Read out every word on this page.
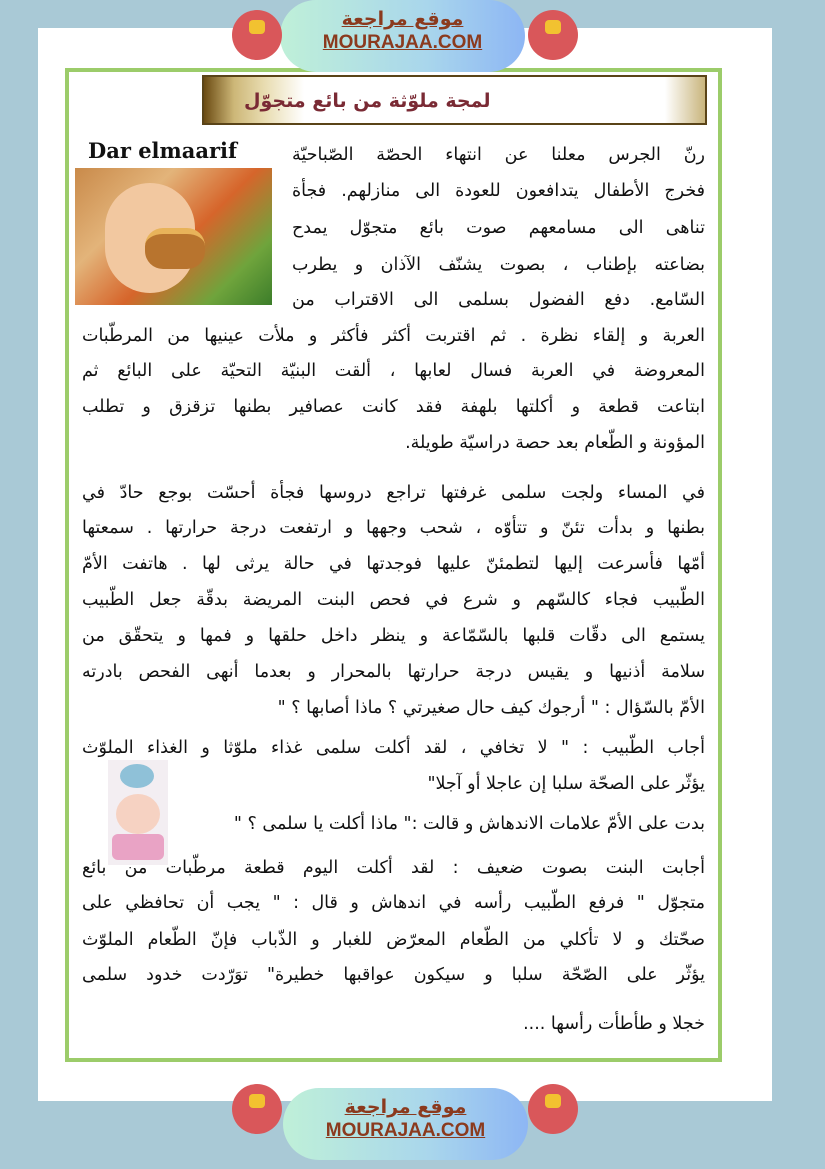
موقع مراجعة
MOURAJAA.COM
لمجة ملوّثة من بائع متجوّل
Dar elmaarif	رنّ الجرس معلنا عن انتهاء الحصّة الصّباحيّة
فخرج الأطفال يتدافعون للعودة الى منازلهم. فجأة
تناهى الى مسامعهم صوت بائع متجوّل يمدح
بضاعته بإطناب ، بصوت يشنّف الآذان و يطرب
السّامع. دفع الفضول بسلمى الى الاقتراب من
العربة و إلقاء نظرة . ثم اقتربت أكثر فأكثر و ملأت عينيها من المرطّبات
المعروضة في العربة فسال لعابها ، ألقت البنيّة التحيّة على البائع ثم
ابتاعت قطعة و أكلتها بلهفة فقد كانت عصافير بطنها تزقزق و تطلب
المؤونة و الطّعام بعد حصة دراسيّة طويلة.
في المساء ولجت سلمى غرفتها تراجع دروسها فجأة أحسّت بوجع حادّ في
بطنها و بدأت تئنّ و تتأوّه ، شحب وجهها و ارتفعت درجة حرارتها . سمعتها
أمّها فأسرعت إليها لتطمئنّ عليها فوجدتها في حالة يرثى لها . هاتفت الأمّ
الطّبيب فجاء كالسّهم و شرع في فحص البنت المريضة بدقّة جعل الطّبيب
يستمع الى دقّات قلبها بالسّمّاعة و ينظر داخل حلقها و فمها و يتحقّق من
سلامة أذنيها و يقيس درجة حرارتها بالمحرار و بعدما أنهى الفحص بادرته
الأمّ بالسّؤال : " أرجوك كيف حال صغيرتي ؟ ماذا أصابها ؟ "
أجاب الطّبيب : " لا تخافي ، لقد أكلت سلمى غذاء ملوّثا و الغذاء الملوّث
يؤثّر على الصحّة سلبا إن عاجلا أو آجلا"
بدت على الأمّ علامات الاندهاش و قالت :" ماذا أكلت يا سلمى ؟ "
أجابت البنت بصوت ضعيف : لقد أكلت اليوم قطعة مرطّبات من بائع
متجوّل " فرفع الطّبيب رأسه في اندهاش و قال : " يجب أن تحافظي على
صحّتك و لا تأكلي من الطّعام المعرّض للغبار و الذّباب فإنّ الطّعام الملوّث
يؤثّر على الصّحّة سلبا و سيكون عواقبها خطيرة" توَرّدت خدود سلمى
خجلا و طأطأت رأسها ....
موقع مراجعة
MOURAJAA.COM
